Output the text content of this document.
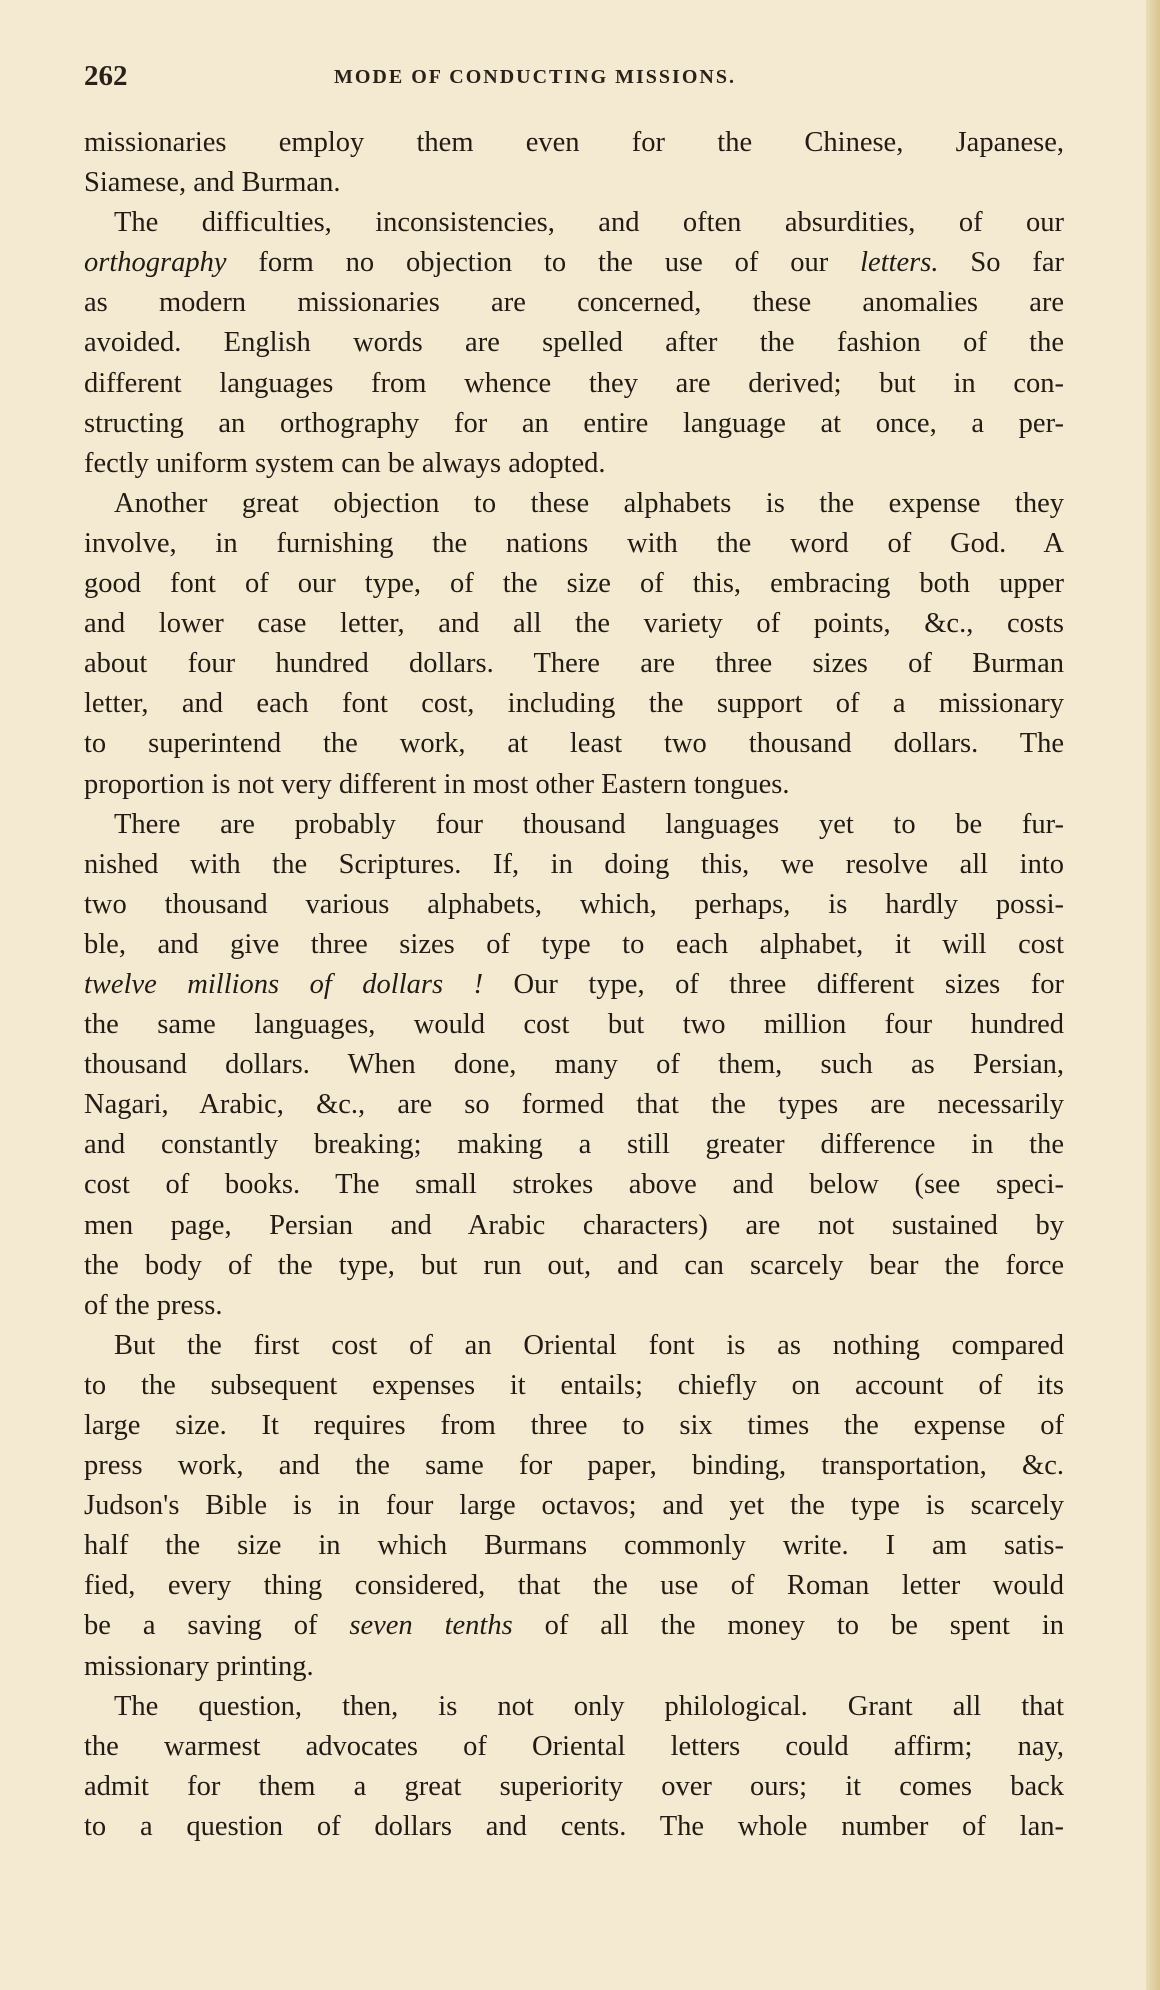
262	MODE OF CONDUCTING MISSIONS.
missionaries employ them even for the Chinese, Japanese,
Siamese, and Burman.
The difficulties, inconsistencies, and often absurdities, of our
orthography form no objection to the use of our letters. So far
as modern missionaries are concerned, these anomalies are
avoided. English words are spelled after the fashion of the
different languages from whence they are derived; but in con-
structing an orthography for an entire language at once, a per-
fectly uniform system can be always adopted.
Another great objection to these alphabets is the expense they
involve, in furnishing the nations with the word of God. A
good font of our type, of the size of this, embracing both upper
and lower case letter, and all the variety of points, &c., costs
about four hundred dollars. There are three sizes of Burman
letter, and each font cost, including the support of a missionary
to superintend the work, at least two thousand dollars. The
proportion is not very different in most other Eastern tongues.
There are probably four thousand languages yet to be fur-
nished with the Scriptures. If, in doing this, we resolve all into
two thousand various alphabets, which, perhaps, is hardly possi-
ble, and give three sizes of type to each alphabet, it will cost
twelve millions of dollars ! Our type, of three different sizes for
the same languages, would cost but two million four hundred
thousand dollars. When done, many of them, such as Persian,
Nagari, Arabic, &c., are so formed that the types are necessarily
and constantly breaking; making a still greater difference in the
cost of books. The small strokes above and below (see speci-
men page, Persian and Arabic characters) are not sustained by
the body of the type, but run out, and can scarcely bear the force
of the press.
But the first cost of an Oriental font is as nothing compared
to the subsequent expenses it entails; chiefly on account of its
large size. It requires from three to six times the expense of
press work, and the same for paper, binding, transportation, &c.
Judson's Bible is in four large octavos; and yet the type is scarcely
half the size in which Burmans commonly write. I am satis-
fied, every thing considered, that the use of Roman letter would
be a saving of seven tenths of all the money to be spent in
missionary printing.
The question, then, is not only philological. Grant all that
the warmest advocates of Oriental letters could affirm; nay,
admit for them a great superiority over ours; it comes back
to a question of dollars and cents. The whole number of lan-
